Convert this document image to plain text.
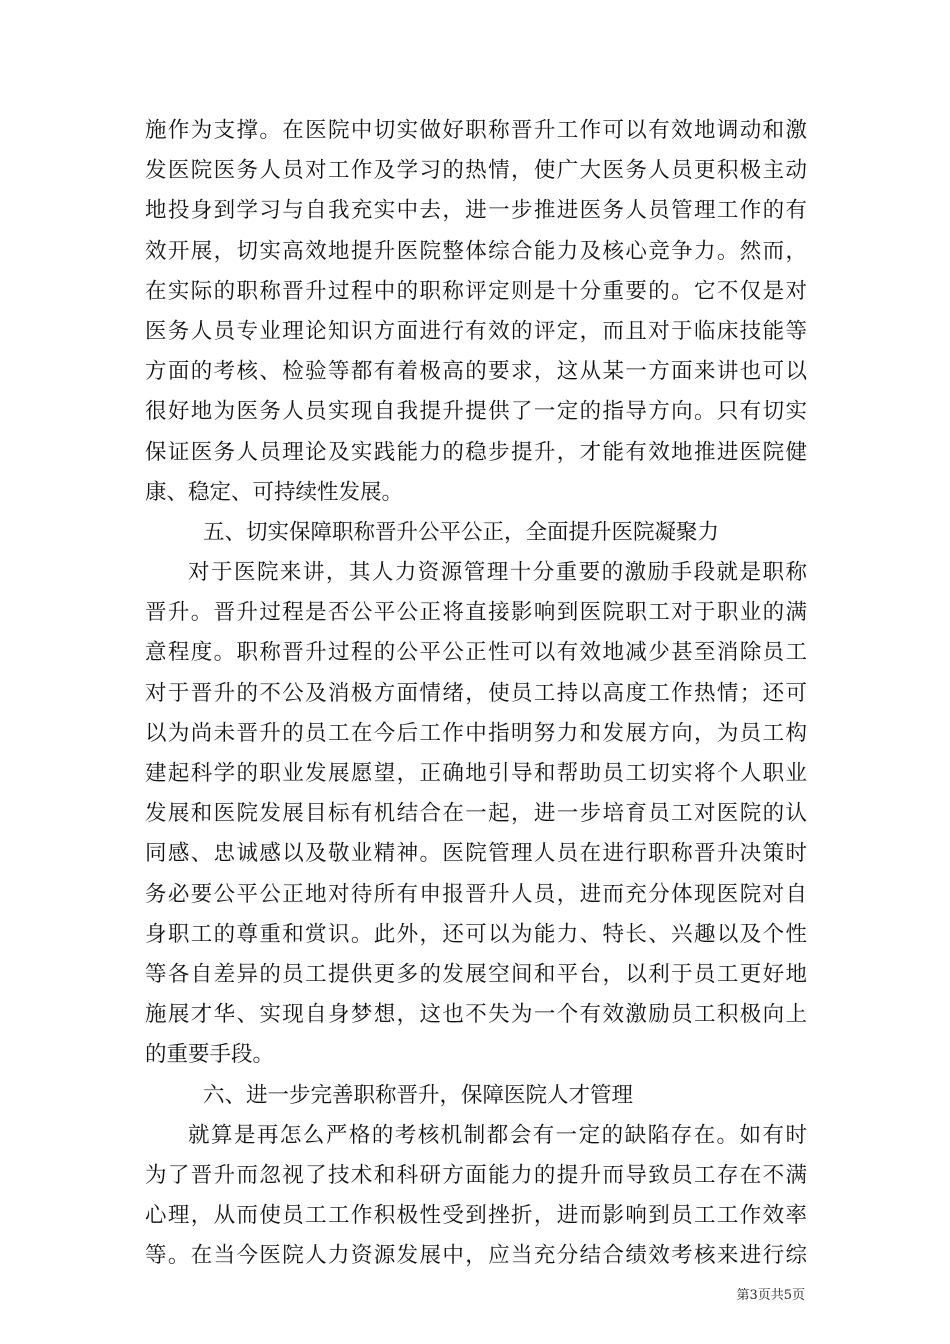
施作为支撑。在医院中切实做好职称晋升工作可以有效地调动和激
发医院医务人员对工作及学习的热情，使广大医务人员更积极主动
地投身到学习与自我充实中去，进一步推进医务人员管理工作的有
效开展，切实高效地提升医院整体综合能力及核心竞争力。然而，
在实际的职称晋升过程中的职称评定则是十分重要的。它不仅是对
医务人员专业理论知识方面进行有效的评定，而且对于临床技能等
方面的考核、检验等都有着极高的要求，这从某一方面来讲也可以
很好地为医务人员实现自我提升提供了一定的指导方向。只有切实
保证医务人员理论及实践能力的稳步提升，才能有效地推进医院健
康、稳定、可持续性发展。
五、切实保障职称晋升公平公正，全面提升医院凝聚力
对于医院来讲，其人力资源管理十分重要的激励手段就是职称
晋升。晋升过程是否公平公正将直接影响到医院职工对于职业的满
意程度。职称晋升过程的公平公正性可以有效地减少甚至消除员工
对于晋升的不公及消极方面情绪，使员工持以高度工作热情；还可
以为尚未晋升的员工在今后工作中指明努力和发展方向，为员工构
建起科学的职业发展愿望，正确地引导和帮助员工切实将个人职业
发展和医院发展目标有机结合在一起，进一步培育员工对医院的认
同感、忠诚感以及敬业精神。医院管理人员在进行职称晋升决策时
务必要公平公正地对待所有申报晋升人员，进而充分体现医院对自
身职工的尊重和赏识。此外，还可以为能力、特长、兴趣以及个性
等各自差异的员工提供更多的发展空间和平台，以利于员工更好地
施展才华、实现自身梦想，这也不失为一个有效激励员工积极向上
的重要手段。
六、进一步完善职称晋升，保障医院人才管理
就算是再怎么严格的考核机制都会有一定的缺陷存在。如有时
为了晋升而忽视了技术和科研方面能力的提升而导致员工存在不满
心理，从而使员工工作积极性受到挫折，进而影响到员工工作效率
等。在当今医院人力资源发展中，应当充分结合绩效考核来进行综
第3页共5页
